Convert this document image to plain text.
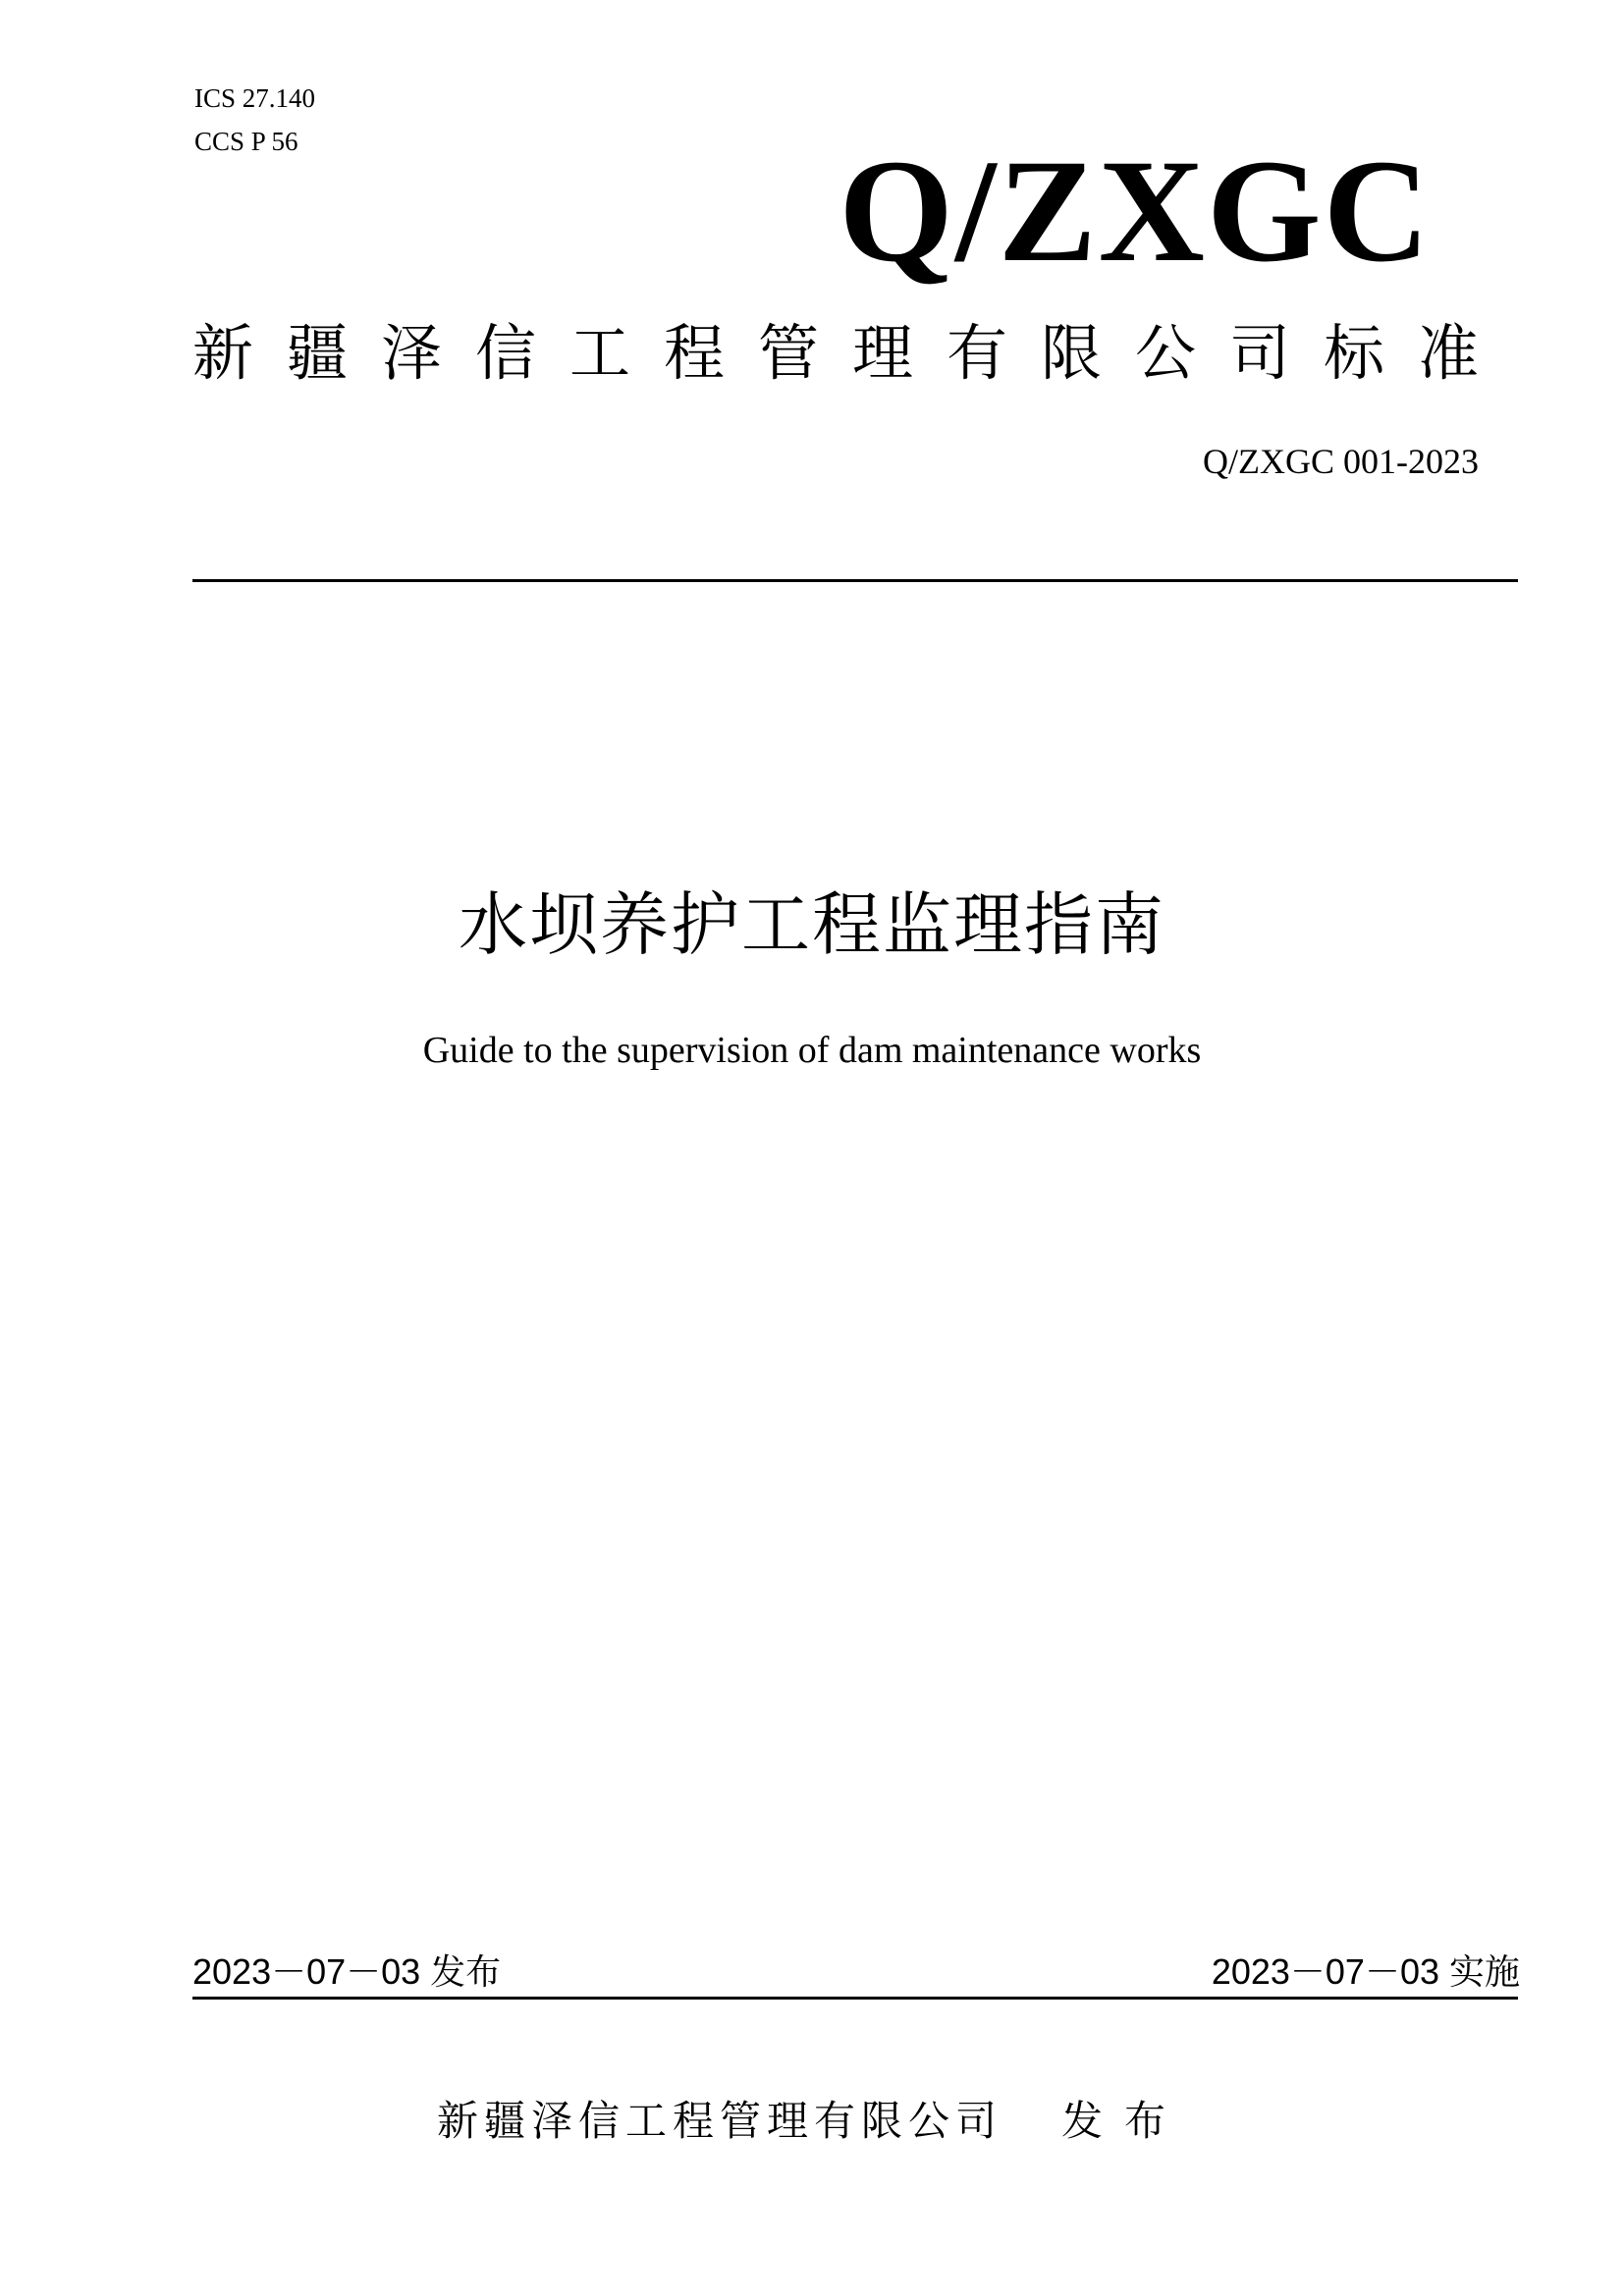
ICS 27.140
CCS P 56	Q/ZXGC
新疆泽信工程管理有限公司标准
Q/ZXGC 001-2023
水坝养护工程监理指南
Guide to the supervision of dam maintenance works
2023－07－03 发布	2023－07－03 实施
新疆泽信工程管理有限公司 发布
